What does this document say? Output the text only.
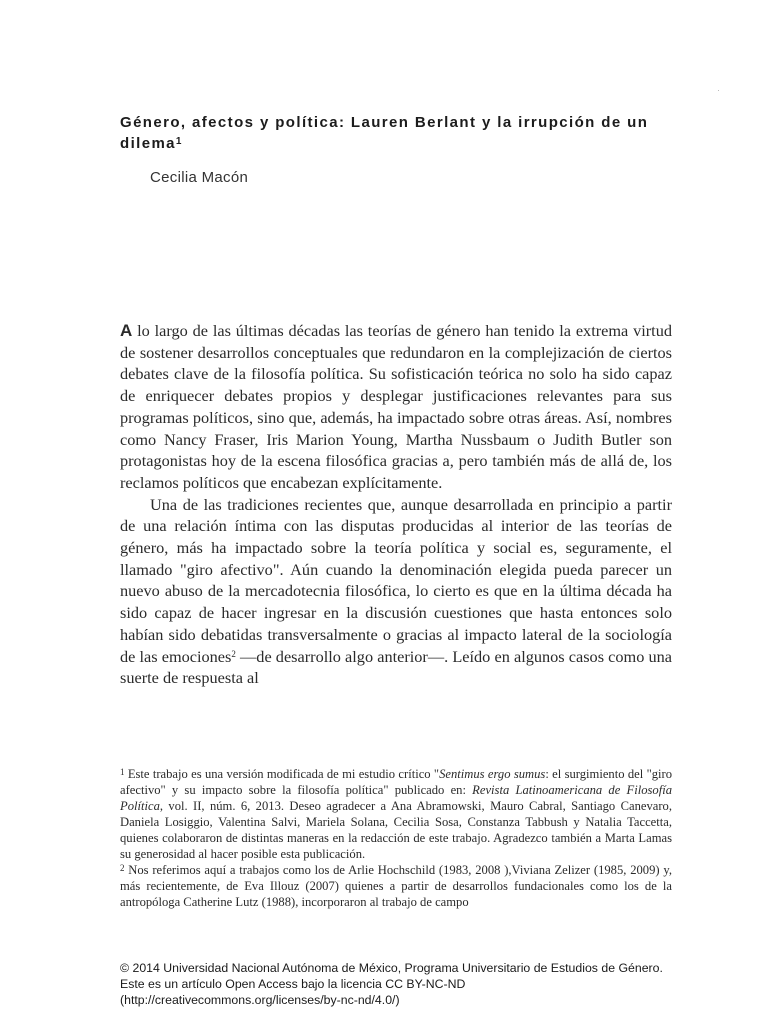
Género, afectos y política: Lauren Berlant y la irrupción de un dilema$^1$
Cecilia Macón

A lo largo de las últimas décadas las teorías de género han tenido la extrema virtud de sostener desarrollos conceptuales que redundaron en la complejización de ciertos debates clave de la filosofía política. Su sofisticación teórica no solo ha sido capaz de enriquecer debates propios y desplegar justificaciones relevantes para sus programas políticos, sino que, además, ha impactado sobre otras áreas. Así, nombres como Nancy Fraser, Iris Marion Young, Martha Nussbaum o Judith Butler son protagonistas hoy de la escena filosófica gracias a, pero también más de allá de, los reclamos políticos que encabezan explícitamente.

Una de las tradiciones recientes que, aunque desarrollada en principio a partir de una relación íntima con las disputas producidas al interior de las teorías de género, más ha impactado sobre la teoría política y social es, seguramente, el llamado "giro afectivo". Aún cuando la denominación elegida pueda parecer un nuevo abuso de la mercadotecnia filosófica, lo cierto es que en la última década ha sido capaz de hacer ingresar en la discusión cuestiones que hasta entonces solo habían sido debatidas transversalmente o gracias al impacto lateral de la sociología de las emociones$^2$ —de desarrollo algo anterior—. Leído en algunos casos como una suerte de respuesta al

$^1$ Este trabajo es una versión modificada de mi estudio crítico "Sentimus ergo sumus: el surgimiento del "giro afectivo" y su impacto sobre la filosofía política" publicado en: Revista Latinoamericana de Filosofía Política, vol. II, núm. 6, 2013. Deseo agradecer a Ana Abramowski, Mauro Cabral, Santiago Canevaro, Daniela Losiggio, Valentina Salvi, Mariela Solana, Cecilia Sosa, Constanza Tabbush y Natalia Taccetta, quienes colaboraron de distintas maneras en la redacción de este trabajo. Agradezco también a Marta Lamas su generosidad al hacer posible esta publicación.

$^2$ Nos referimos aquí a trabajos como los de Arlie Hochschild (1983, 2008 ),Viviana Zelizer (1985, 2009) y, más recientemente, de Eva Illouz (2007) quienes a partir de desarrollos fundacionales como los de la antropóloga Catherine Lutz (1988), incorporaron al trabajo de campo

© 2014 Universidad Nacional Autónoma de México, Programa Universitario de Estudios de Género.
Este es un artículo Open Access bajo la licencia CC BY-NC-ND
(http://creativecommons.org/licenses/by-nc-nd/4.0/)
